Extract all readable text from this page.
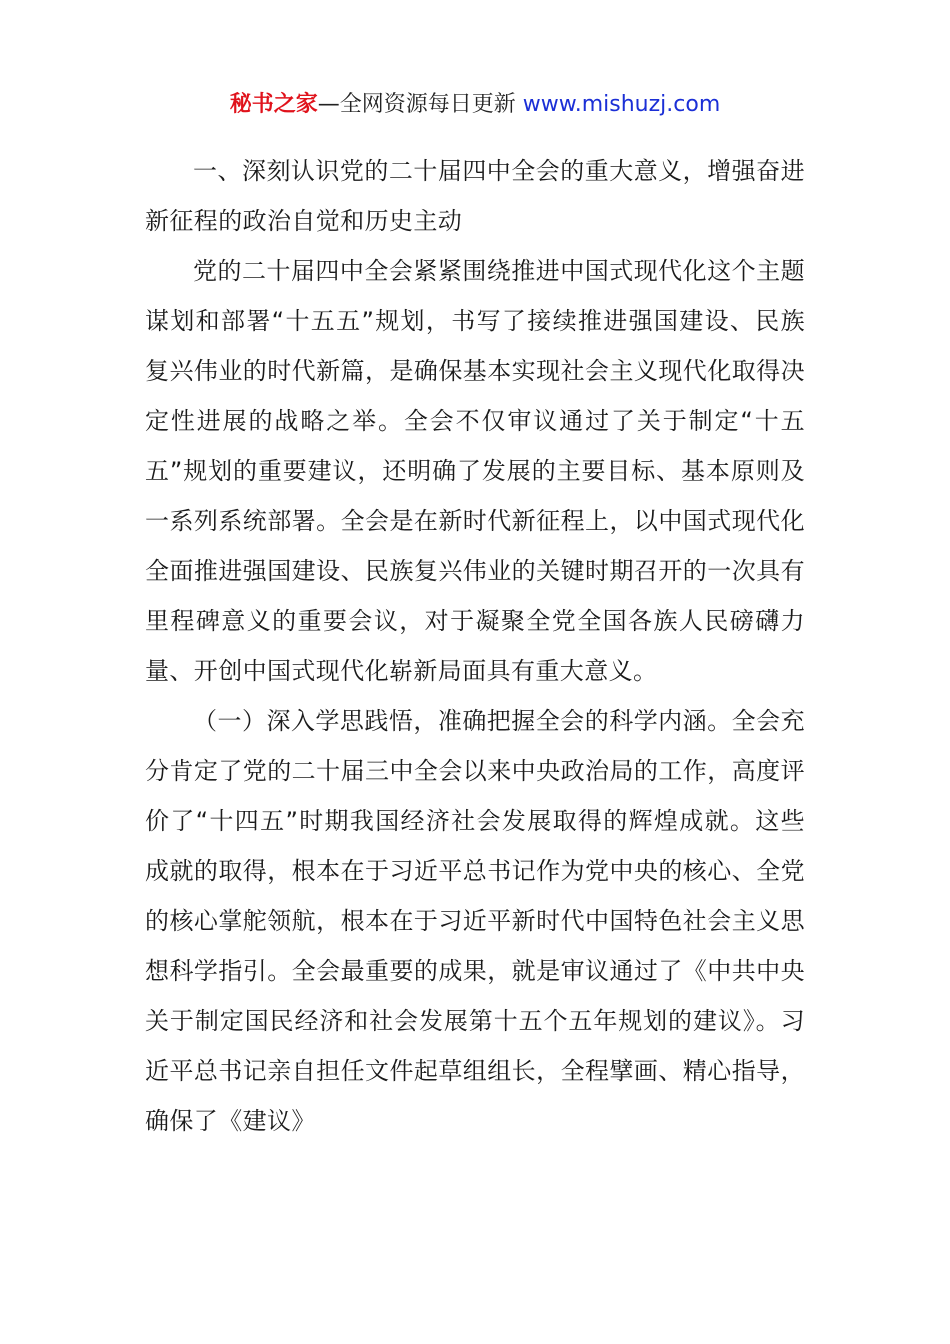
秘书之家—全网资源每日更新 www.mishuzj.com

一、深刻认识党的二十届四中全会的重大意义，增强奋进新征程的政治自觉和历史主动

党的二十届四中全会紧紧围绕推进中国式现代化这个主题谋划和部署“十五五”规划，书写了接续推进强国建设、民族复兴伟业的时代新篇，是确保基本实现社会主义现代化取得决定性进展的战略之举。全会不仅审议通过了关于制定“十五五”规划的重要建议，还明确了发展的主要目标、基本原则及一系列系统部署。全会是在新时代新征程上，以中国式现代化全面推进强国建设、民族复兴伟业的关键时期召开的一次具有里程碑意义的重要会议，对于凝聚全党全国各族人民磅礴力量、开创中国式现代化崭新局面具有重大意义。

（一）深入学思践悟，准确把握全会的科学内涵。全会充分肯定了党的二十届三中全会以来中央政治局的工作，高度评价了“十四五”时期我国经济社会发展取得的辉煌成就。这些成就的取得，根本在于习近平总书记作为党中央的核心、全党的核心掌舵领航，根本在于习近平新时代中国特色社会主义思想科学指引。全会最重要的成果，就是审议通过了《中共中央关于制定国民经济和社会发展第十五个五年规划的建议》。习近平总书记亲自担任文件起草组组长，全程擘画、精心指导，确保了《建议》
